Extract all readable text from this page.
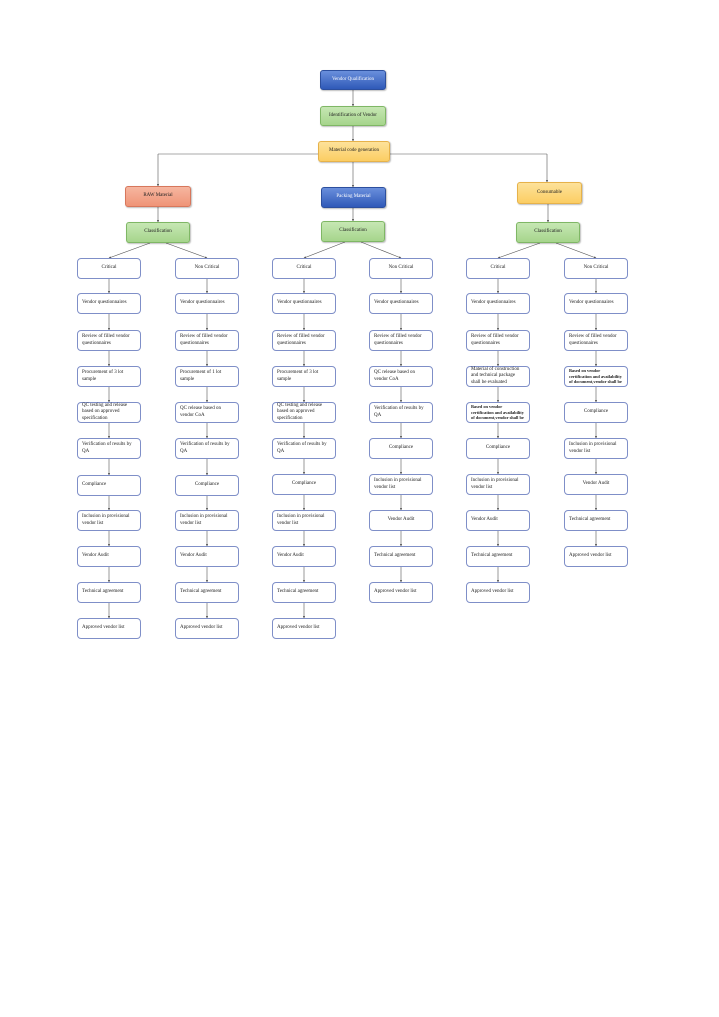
Vendor Qualification
Identification of Vendor
Material code generation
RAW Material	Packing Material
Consumable
Classification	Classification	Classification
Critical
Vendor questionnaires
Review of filled vendor questionnaires
Procurement of 3 lot sample
QC testing and release based on approved specification
Verification of results by QA
Compliance
Inclusion in provisional vendor list
Vendor Audit
Technical agreement
Approved vendor list
Non Critical
Vendor questionnaires
Review of filled vendor questionnaires
Procurement of 1 lot sample
QC release based on vendor CoA
Verification of results by QA
Compliance
Inclusion in provisional vendor list
Vendor Audit
Technical agreement
Approved vendor list
Critical
Vendor questionnaires
Review of filled vendor questionnaires
Procurement of 3 lot sample
QC testing and release based on approved specification
Verification of results by QA
Compliance
Inclusion in provisional vendor list
Vendor Audit
Technical agreement
Approved vendor list
Non Critical
Vendor questionnaires
Review of filled vendor questionnaires
QC release based on vendor CoA
Verification of results by QA
Compliance
Inclusion in provisional vendor list
Vendor Audit
Technical agreement
Approved vendor list
Critical
Vendor questionnaires
Review of filled vendor questionnaires
Material of construction and technical package shall be evaluated
Based on vendor certification and availability of document,vendor shall be
Compliance
Inclusion in provisional vendor list
Vendor Audit
Technical agreement
Approved vendor list
Non Critical
Vendor questionnaires
Review of filled vendor questionnaires
Based on vendor certification and availability of document,vendor shall be
Compliance
Inclusion in provisional vendor list
Vendor Audit
Technical agreement
Approved vendor list
